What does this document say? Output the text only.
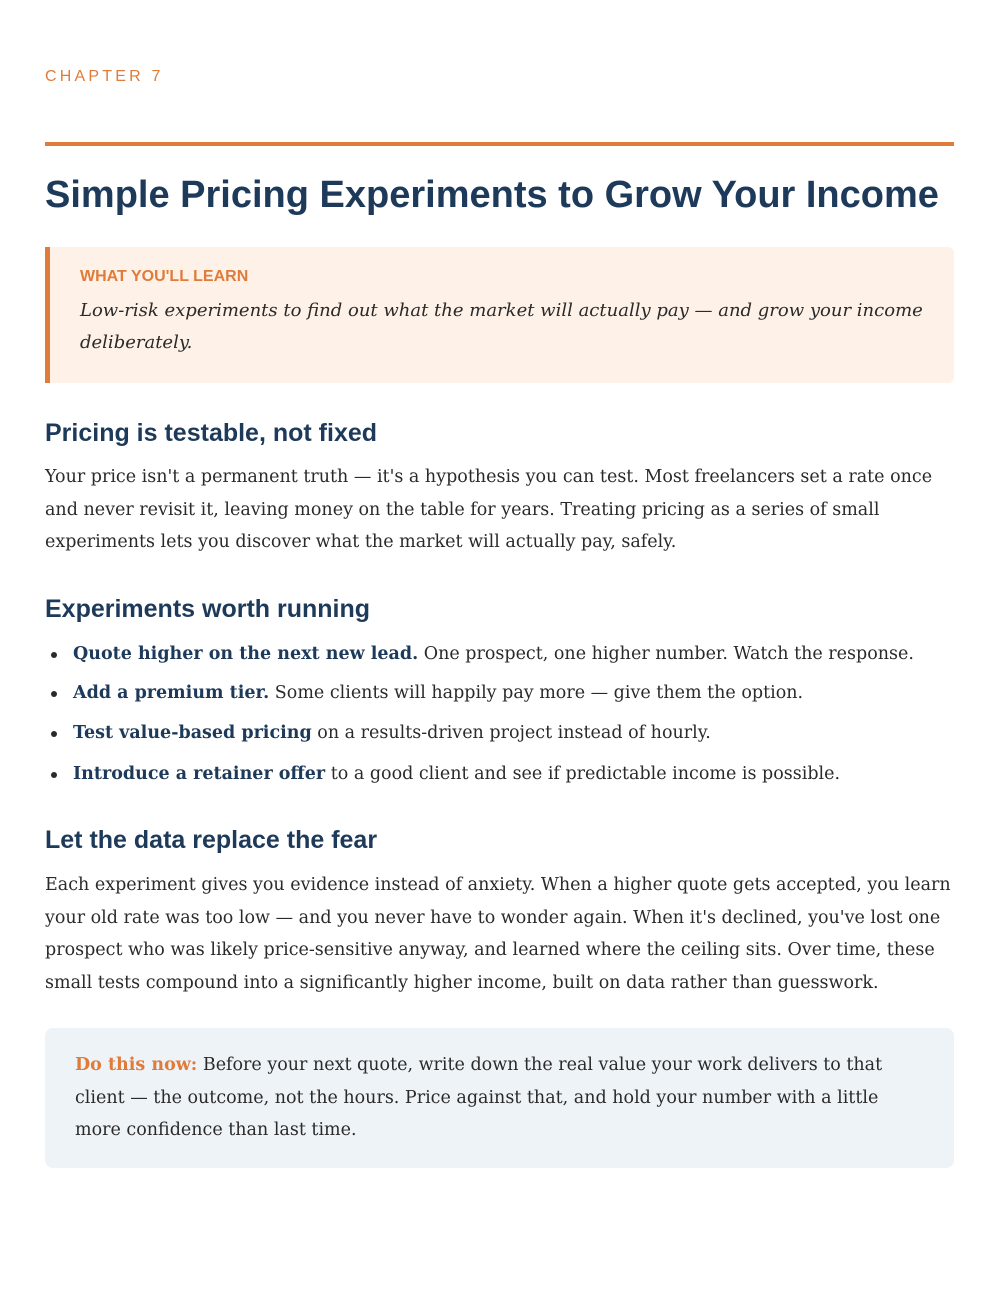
CHAPTER 7
Simple Pricing Experiments to Grow Your Income
WHAT YOU'LL LEARN
Low-risk experiments to find out what the market will actually pay — and grow your income deliberately.
Pricing is testable, not fixed

Your price isn't a permanent truth — it's a hypothesis you can test. Most freelancers set a rate once and never revisit it, leaving money on the table for years. Treating pricing as a series of small experiments lets you discover what the market will actually pay, safely.

Experiments worth running
Quote higher on the next new lead. One prospect, one higher number. Watch the response.
Add a premium tier. Some clients will happily pay more — give them the option.
Test value-based pricing on a results-driven project instead of hourly.
Introduce a retainer offer to a good client and see if predictable income is possible.
Let the data replace the fear

Each experiment gives you evidence instead of anxiety. When a higher quote gets accepted, you learn your old rate was too low — and you never have to wonder again. When it's declined, you've lost one prospect who was likely price-sensitive anyway, and learned where the ceiling sits. Over time, these small tests compound into a significantly higher income, built on data rather than guesswork.

Do this now: Before your next quote, write down the real value your work delivers to that client — the outcome, not the hours. Price against that, and hold your number with a little more confidence than last time.
